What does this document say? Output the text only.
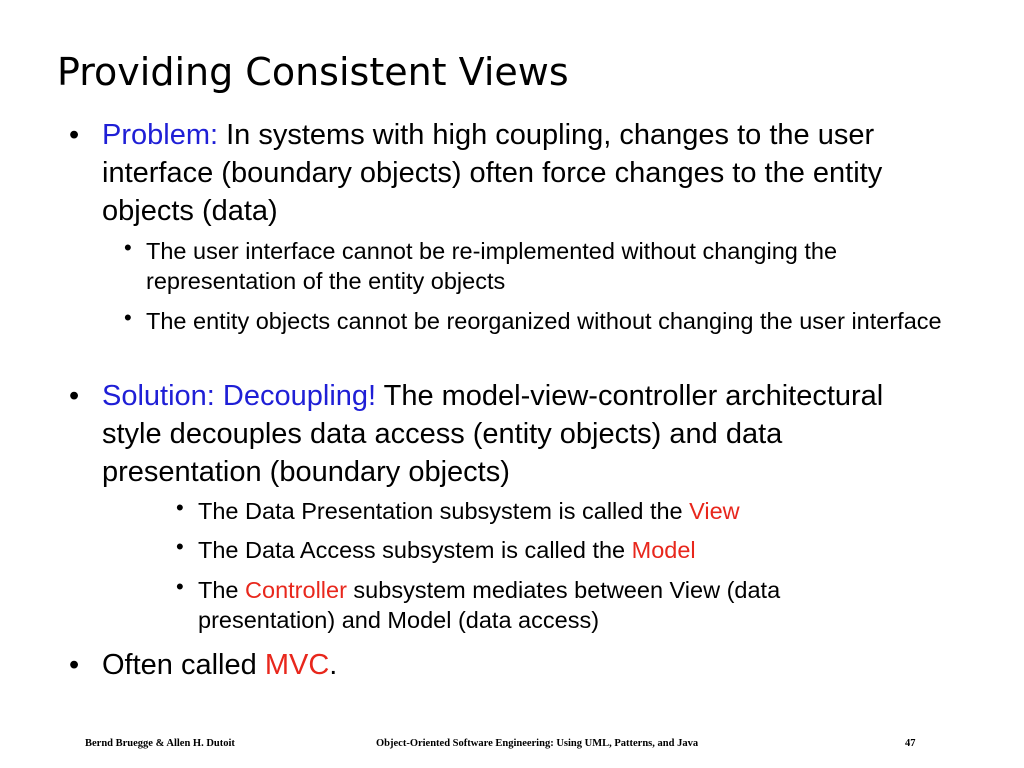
Providing Consistent Views

• Problem: In systems with high coupling, changes to the user interface (boundary objects) often force changes to the entity objects (data)

• The user interface cannot be re-implemented without changing the representation of the entity objects

• The entity objects cannot be reorganized without changing the user interface

• Solution: Decoupling! The model-view-controller architectural style decouples data access (entity objects) and data presentation (boundary objects)

• The Data Presentation subsystem is called the View

• The Data Access subsystem is called the Model

• The Controller subsystem mediates between View (data presentation) and Model (data access)

• Often called MVC.

Bernd Bruegge & Allen H. Dutoit	Object-Oriented Software Engineering: Using UML, Patterns, and Java	47
